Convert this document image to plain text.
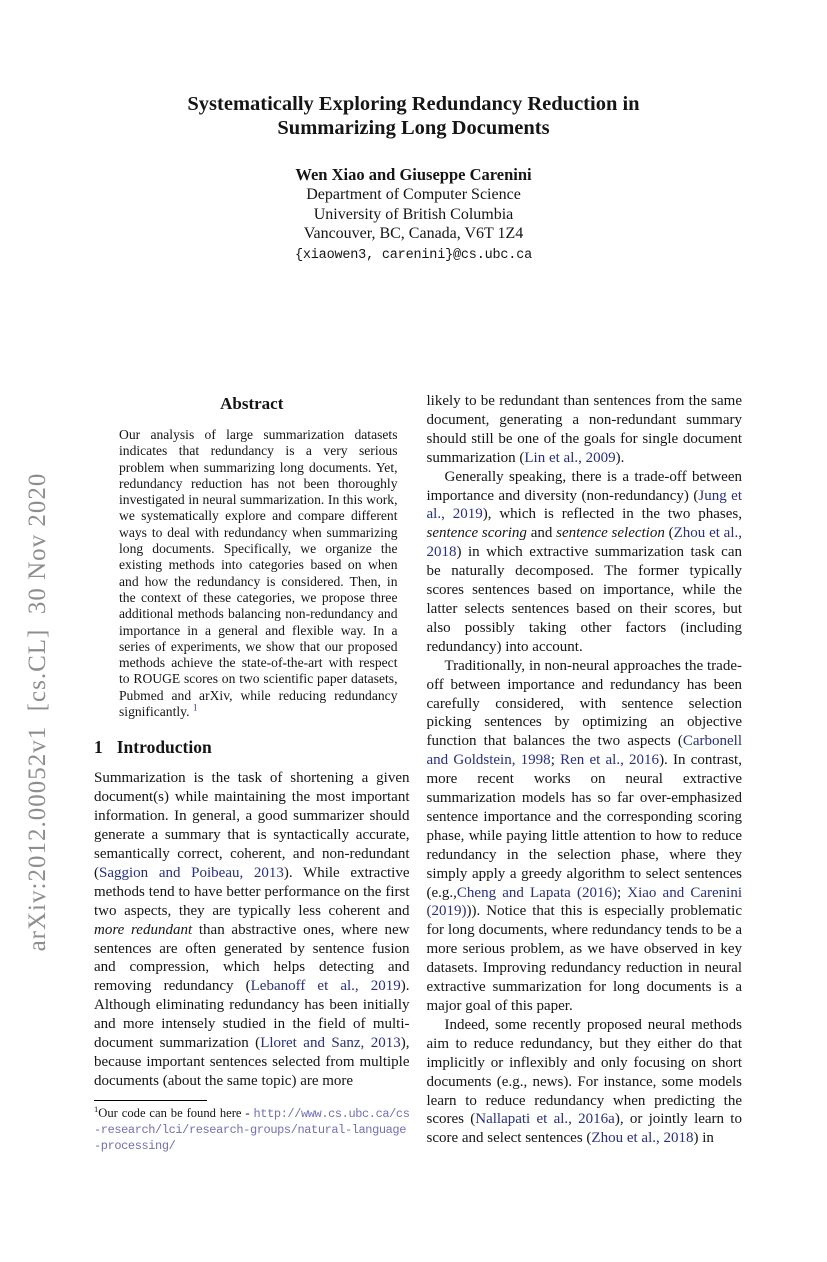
arXiv:2012.00052v1  [cs.CL]  30 Nov 2020
Systematically Exploring Redundancy Reduction in Summarizing Long Documents
Wen Xiao and Giuseppe Carenini
Department of Computer Science
University of British Columbia
Vancouver, BC, Canada, V6T 1Z4
{xiaowen3, carenini}@cs.ubc.ca
Abstract

Our analysis of large summarization datasets indicates that redundancy is a very serious problem when summarizing long documents. Yet, redundancy reduction has not been thoroughly investigated in neural summarization. In this work, we systematically explore and compare different ways to deal with redundancy when summarizing long documents. Specifically, we organize the existing methods into categories based on when and how the redundancy is considered. Then, in the context of these categories, we propose three additional methods balancing non-redundancy and importance in a general and flexible way. In a series of experiments, we show that our proposed methods achieve the state-of-the-art with respect to ROUGE scores on two scientific paper datasets, Pubmed and arXiv, while reducing redundancy significantly. $^1$

1 Introduction

Summarization is the task of shortening a given document(s) while maintaining the most important information. In general, a good summarizer should generate a summary that is syntactically accurate, semantically correct, coherent, and non-redundant (Saggion and Poibeau, 2013). While extractive methods tend to have better performance on the first two aspects, they are typically less coherent and more redundant than abstractive ones, where new sentences are often generated by sentence fusion and compression, which helps detecting and removing redundancy (Lebanoff et al., 2019). Although eliminating redundancy has been initially and more intensely studied in the field of multi-document summarization (Lloret and Sanz, 2013), because important sentences selected from multiple documents (about the same topic) are more

$^1$Our code can be found here - http://www.cs.ubc.ca/cs-research/lci/research-groups/natural-language-processing/

likely to be redundant than sentences from the same document, generating a non-redundant summary should still be one of the goals for single document summarization (Lin et al., 2009).

Generally speaking, there is a trade-off between importance and diversity (non-redundancy) (Jung et al., 2019), which is reflected in the two phases, sentence scoring and sentence selection (Zhou et al., 2018) in which extractive summarization task can be naturally decomposed. The former typically scores sentences based on importance, while the latter selects sentences based on their scores, but also possibly taking other factors (including redundancy) into account.

Traditionally, in non-neural approaches the trade-off between importance and redundancy has been carefully considered, with sentence selection picking sentences by optimizing an objective function that balances the two aspects (Carbonell and Goldstein, 1998; Ren et al., 2016). In contrast, more recent works on neural extractive summarization models has so far over-emphasized sentence importance and the corresponding scoring phase, while paying little attention to how to reduce redundancy in the selection phase, where they simply apply a greedy algorithm to select sentences (e.g.,Cheng and Lapata (2016); Xiao and Carenini (2019))). Notice that this is especially problematic for long documents, where redundancy tends to be a more serious problem, as we have observed in key datasets. Improving redundancy reduction in neural extractive summarization for long documents is a major goal of this paper.

Indeed, some recently proposed neural methods aim to reduce redundancy, but they either do that implicitly or inflexibly and only focusing on short documents (e.g., news). For instance, some models learn to reduce redundancy when predicting the scores (Nallapati et al., 2016a), or jointly learn to score and select sentences (Zhou et al., 2018) in
